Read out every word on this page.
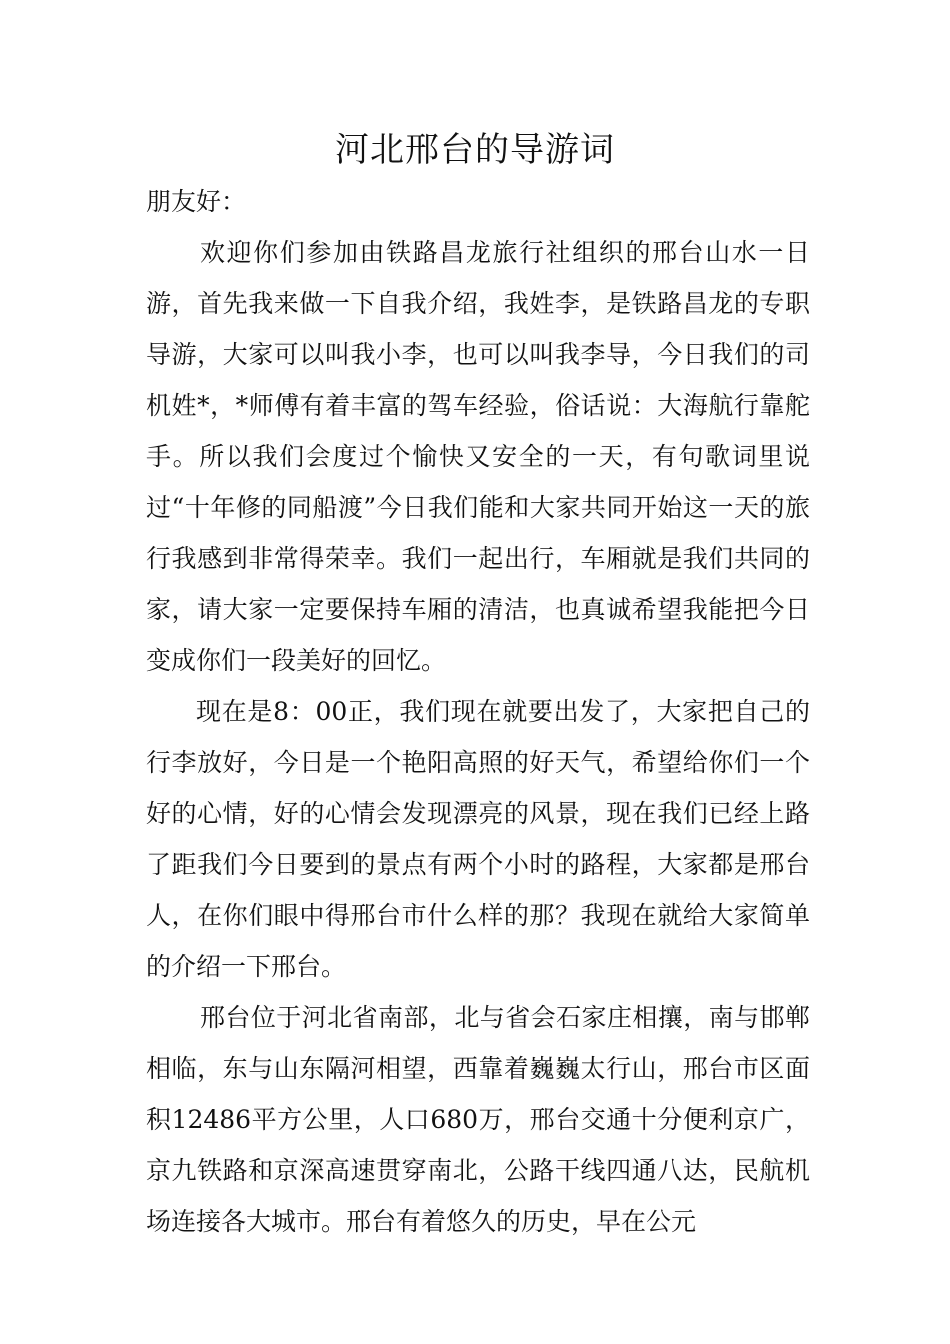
河北邢台的导游词

朋友好：

欢迎你们参加由铁路昌龙旅行社组织的邢台山水一日游，首先我来做一下自我介绍，我姓李，是铁路昌龙的专职导游，大家可以叫我小李，也可以叫我李导，今日我们的司机姓*，*师傅有着丰富的驾车经验，俗话说：大海航行靠舵手。所以我们会度过个愉快又安全的一天，有句歌词里说过“十年修的同船渡”今日我们能和大家共同开始这一天的旅行我感到非常得荣幸。我们一起出行，车厢就是我们共同的家，请大家一定要保持车厢的清洁，也真诚希望我能把今日变成你们一段美好的回忆。

现在是8：00正，我们现在就要出发了，大家把自己的行李放好，今日是一个艳阳高照的好天气，希望给你们一个好的心情，好的心情会发现漂亮的风景，现在我们已经上路了距我们今日要到的景点有两个小时的路程，大家都是邢台人，在你们眼中得邢台市什么样的那？我现在就给大家简单的介绍一下邢台。

邢台位于河北省南部，北与省会石家庄相攘，南与邯郸相临，东与山东隔河相望，西靠着巍巍太行山，邢台市区面积12486平方公里，人口680万，邢台交通十分便利京广，京九铁路和京深高速贯穿南北，公路干线四通八达，民航机场连接各大城市。邢台有着悠久的历史，早在公元
